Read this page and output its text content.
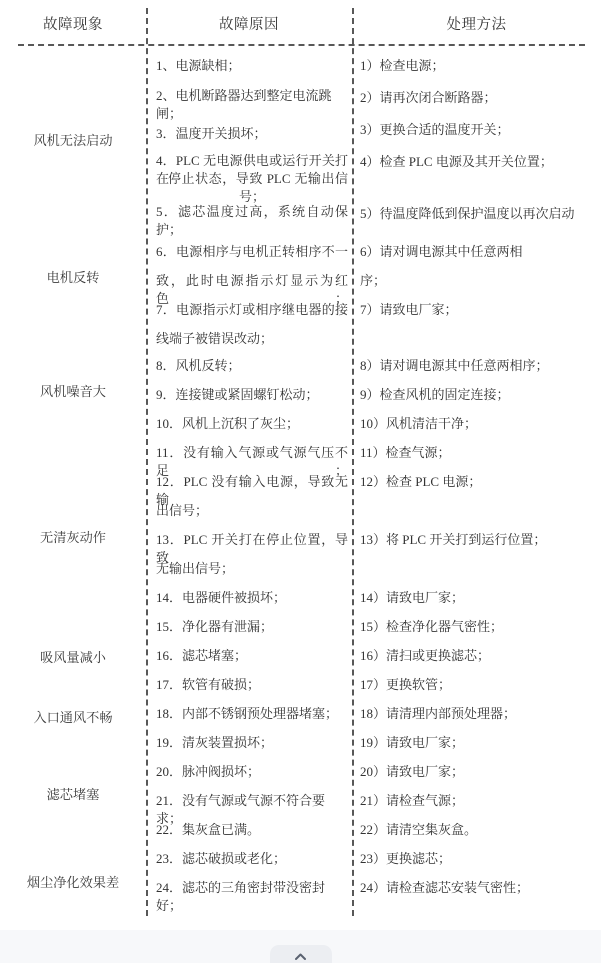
故障现象	故障原因	处理方法
风机无法启动
电机反转
风机噪音大
无清灰动作
吸风量减小
入口通风不畅
滤芯堵塞
烟尘净化效果差
1、电源缺相；
2、电机断路器达到整定电流跳
闸；
3．温度开关损坏；
4．PLC 无电源供电或运行开关打在
停止状态，导致 PLC 无输出信
号；
5．滤芯温度过高，系统自动保
护；
6．电源相序与电机正转相序不一
致，此时电源指示灯显示为红色；
7．电源指示灯或相序继电器的接
线端子被错误改动；
8．风机反转；
9．连接键或紧固螺钉松动；
10．风机上沉积了灰尘；
11．没有输入气源或气源气压不足；
12．PLC 没有输入电源，导致无输
出信号；
13．PLC 开关打在停止位置，导致
无输出信号；
14．电器硬件被损坏；
15．净化器有泄漏；
16．滤芯堵塞；
17．软管有破损；
18．内部不锈钢预处理器堵塞；
19．清灰装置损坏；
20．脉冲阀损坏；
21．没有气源或气源不符合要求；
22．集灰盒已满。
23．滤芯破损或老化；
24．滤芯的三角密封带没密封好；
1）检查电源；
2）请再次闭合断路器；
3）更换合适的温度开关；
4）检查 PLC 电源及其开关位置；
5）待温度降低到保护温度以再次启动
6）请对调电源其中任意两相
序；
7）请致电厂家；
8）请对调电源其中任意两相序；
9）检查风机的固定连接；
10）风机清洁干净；
11）检查气源；
12）检查 PLC 电源；
13）将 PLC 开关打到运行位置；
14）请致电厂家；
15）检查净化器气密性；
16）清扫或更换滤芯；
17）更换软管；
18）请清理内部预处理器；
19）请致电厂家；
20）请致电厂家；
21）请检查气源；
22）请清空集灰盒。
23）更换滤芯；
24）请检查滤芯安装气密性；
